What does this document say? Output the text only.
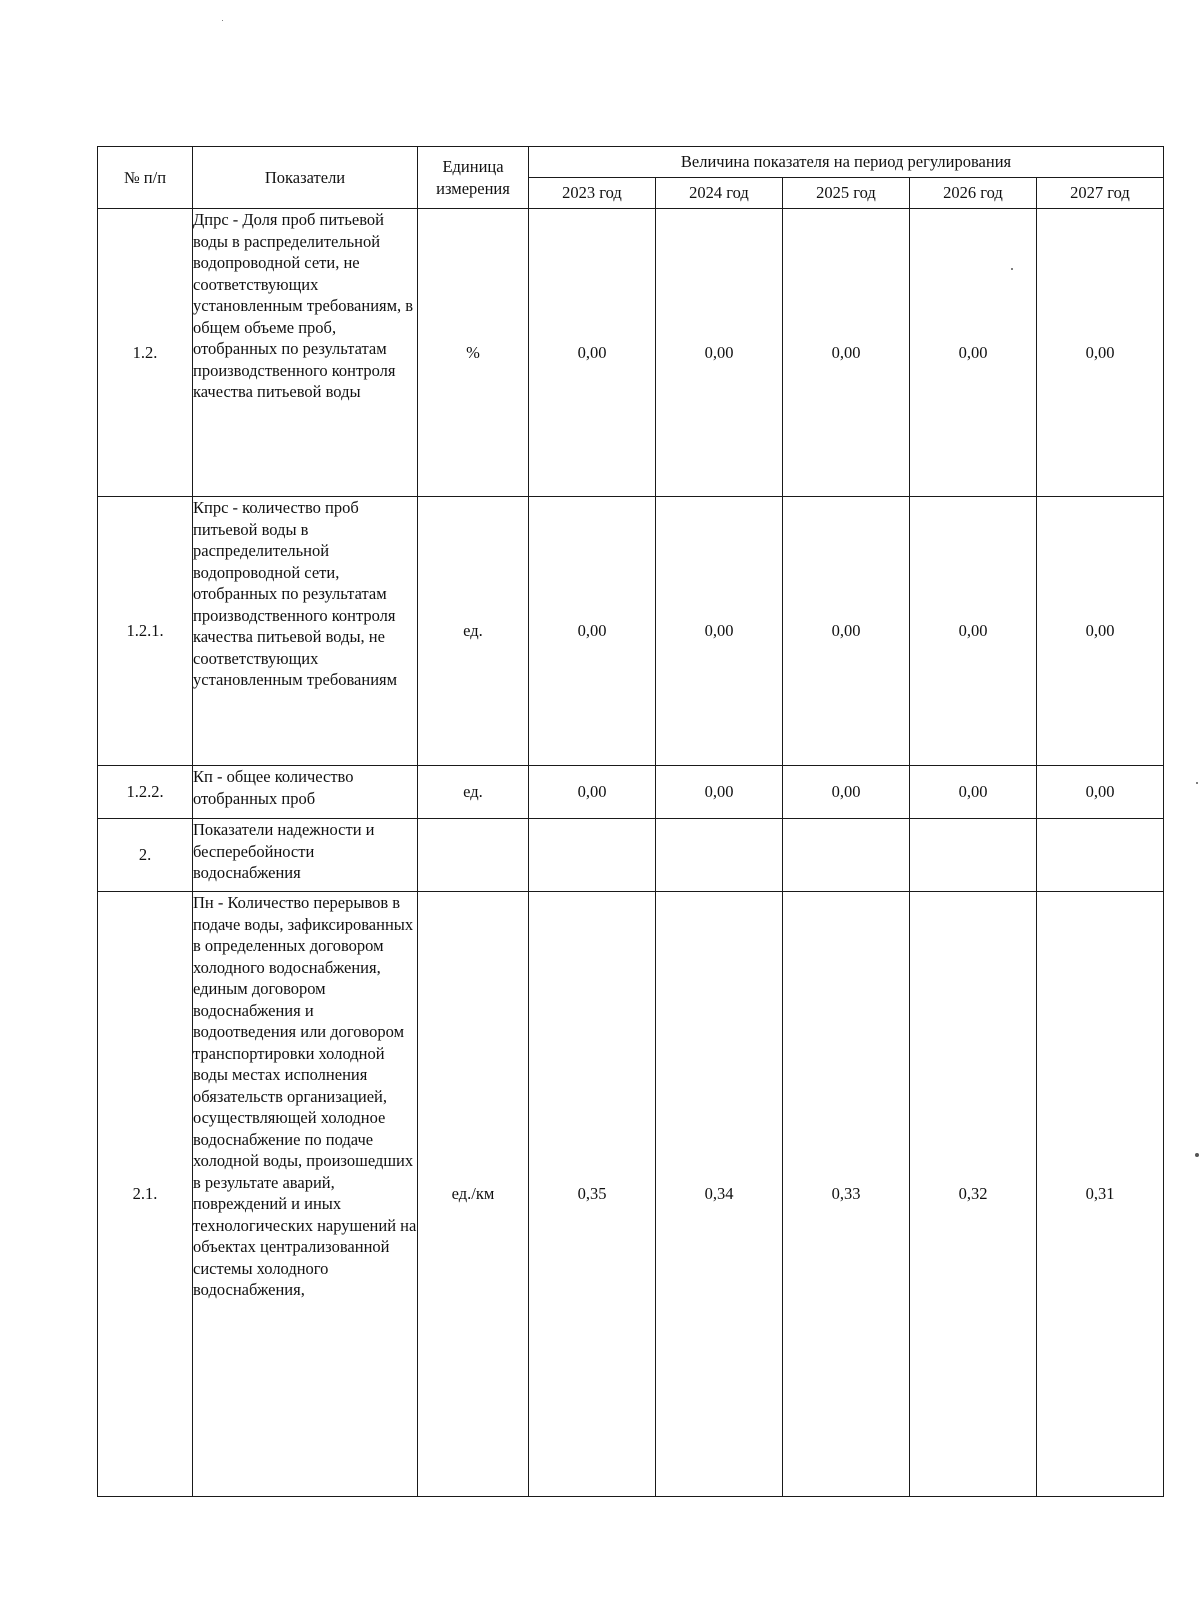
№ п/п	Показатели	Единица измерения	Величина показателя на период регулирования				
			2023 год	2024 год	2025 год	2026 год	2027 год
1.2.	Дпрс - Доля проб питьевой воды в распределительной водопроводной сети, не соответствующих установленным требованиям, в общем объеме проб, отобранных по результатам производственного контроля качества питьевой воды	%	0,00	0,00	0,00	0,00	0,00
1.2.1.	Кпрс - количество проб питьевой воды в распределительной водопроводной сети, отобранных по результатам производственного контроля качества питьевой воды, не соответствующих установленным требованиям	ед.	0,00	0,00	0,00	0,00	0,00
1.2.2.	Кп - общее количество отобранных проб	ед.	0,00	0,00	0,00	0,00	0,00
2.	Показатели надежности и бесперебойности водоснабжения						
2.1.	Пн - Количество перерывов в подаче воды, зафиксированных в определенных договором холодного водоснабжения, единым договором водоснабжения и водоотведения или договором транспортировки холодной воды местах исполнения обязательств организацией, осуществляющей холодное водоснабжение по подаче холодной воды, произошедших в результате аварий, повреждений и иных технологических нарушений на объектах централизованной системы холодного водоснабжения,	ед./км	0,35	0,34	0,33	0,32	0,31
